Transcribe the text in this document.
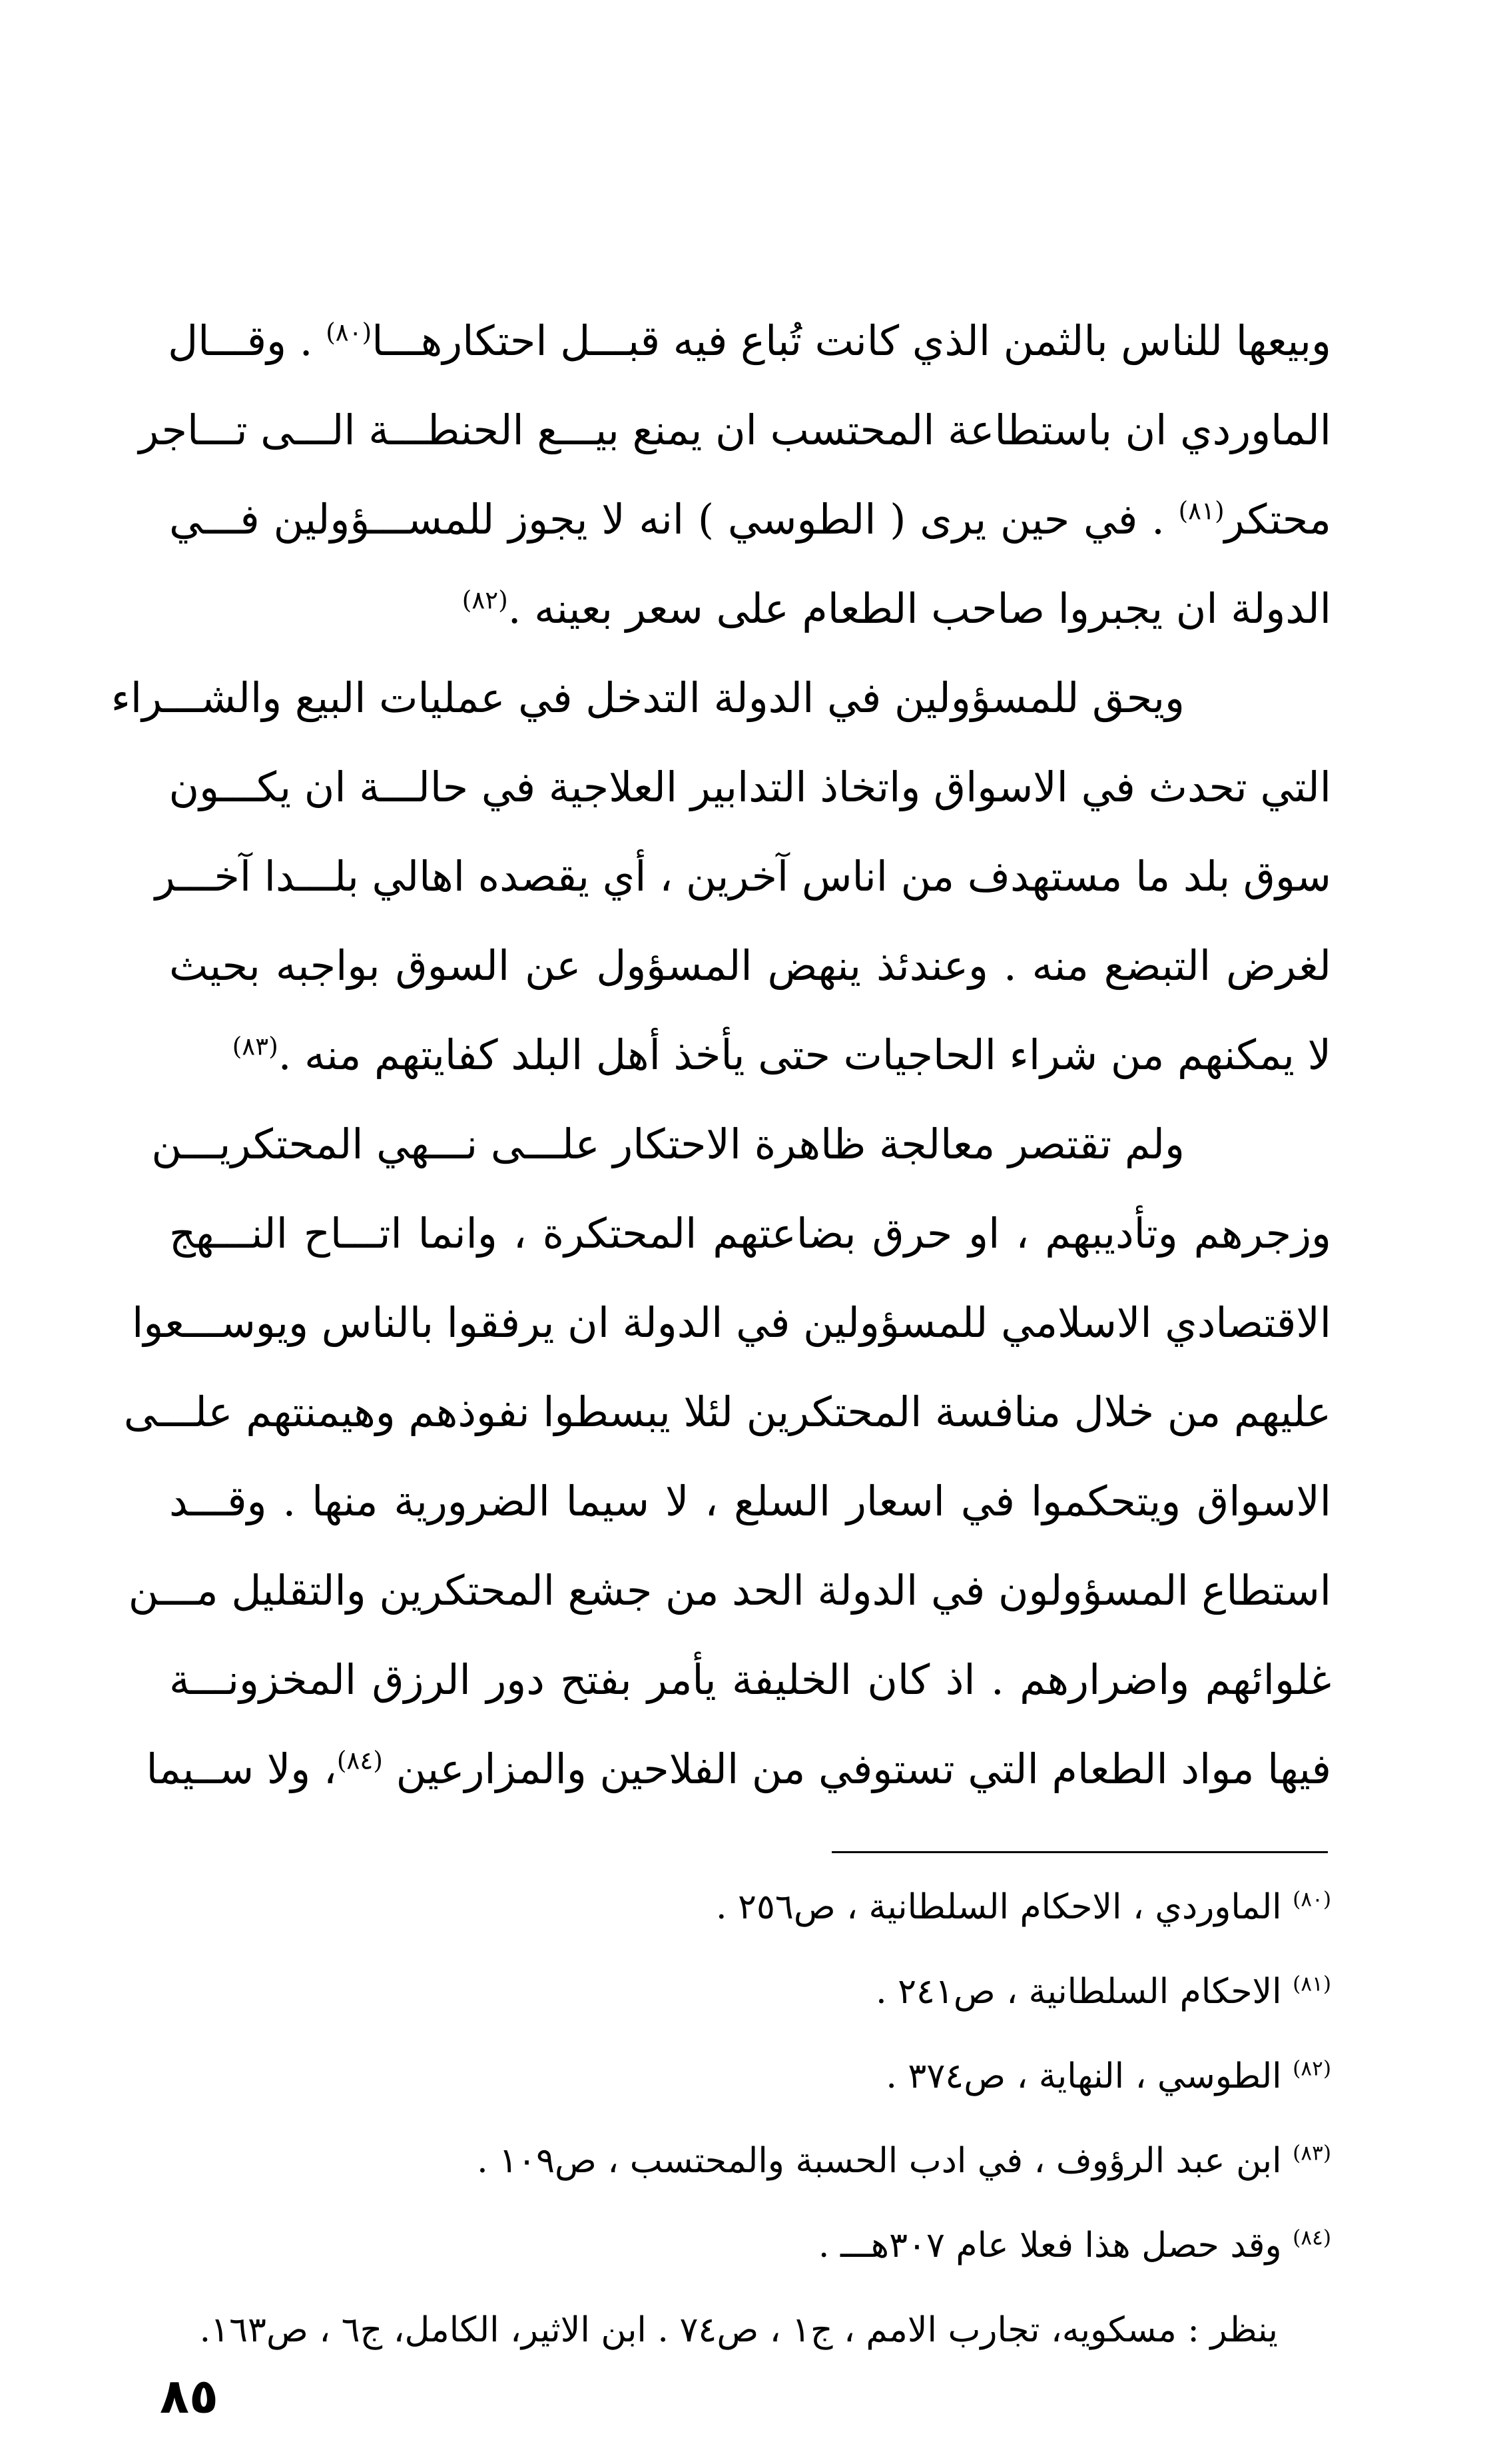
وبيعها للناس بالثمن الذي كانت تُباع فيه قبـــل احتكارهـــا$^{(٨٠)}$ . وقـــال
الماوردي ان باستطاعة المحتسب ان يمنع بيـــع الحنطـــة الـــى تـــاجر
محتكر$^{(٨١)}$ . في حين يرى ( الطوسي ) انه لا يجوز للمســـؤولين فـــي
الدولة ان يجبروا صاحب الطعام على سعر بعينه .$^{(٨٢)}$
ويحق للمسؤولين في الدولة التدخل في عمليات البيع والشـــراء
التي تحدث في الاسواق واتخاذ التدابير العلاجية في حالـــة ان يكـــون
سوق بلد ما مستهدف من اناس آخرين ، أي يقصده اهالي بلـــدا آخـــر
لغرض التبضع منه . وعندئذ ينهض المسؤول عن السوق بواجبه بحيث
لا يمكنهم من شراء الحاجيات حتى يأخذ أهل البلد كفايتهم منه .$^{(٨٣)}$
ولم تقتصر معالجة ظاهرة الاحتكار علـــى نـــهي المحتكريـــن
وزجرهم وتأديبهم ، او حرق بضاعتهم المحتكرة ، وانما اتـــاح النـــهج
الاقتصادي الاسلامي للمسؤولين في الدولة ان يرفقوا بالناس ويوســـعوا
عليهم من خلال منافسة المحتكرين لئلا يبسطوا نفوذهم وهيمنتهم علـــى
الاسواق ويتحكموا في اسعار السلع ، لا سيما الضرورية منها . وقـــد
استطاع المسؤولون في الدولة الحد من جشع المحتكرين والتقليل مـــن
غلوائهم واضرارهم . اذ كان الخليفة يأمر بفتح دور الرزق المخزونـــة
فيها مواد الطعام التي تستوفي من الفلاحين والمزارعين $^{(٨٤)}$، ولا ســيما
$^{(٨٠)}$ الماوردي ، الاحكام السلطانية ، ص٢٥٦ .
$^{(٨١)}$ الاحكام السلطانية ، ص٢٤١ .
$^{(٨٢)}$ الطوسي ، النهاية ، ص٣٧٤ .
$^{(٨٣)}$ ابن عبد الرؤوف ، في ادب الحسبة والمحتسب ، ص١٠٩ .
$^{(٨٤)}$ وقد حصل هذا فعلا عام ٣٠٧هـــ .
ينظر : مسكويه، تجارب الامم ، ج١ ، ص٧٤ . ابن الاثير، الكامل، ج٦ ، ص١٦٣.
٨٥
